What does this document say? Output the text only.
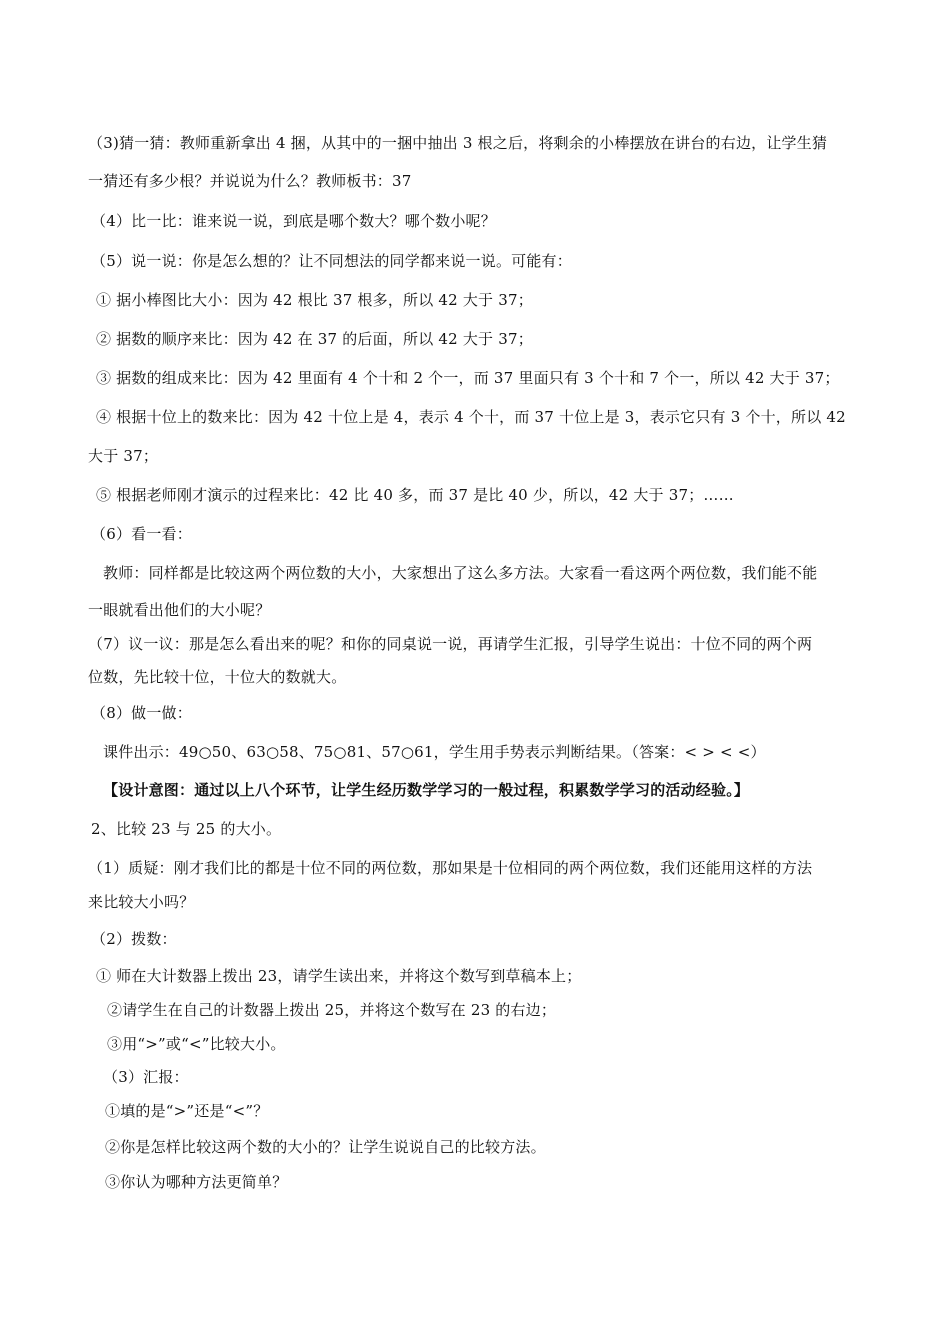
（3)猜一猜：教师重新拿出 4 捆，从其中的一捆中抽出 3 根之后，将剩余的小棒摆放在讲台的右边，让学生猜
一猜还有多少根？并说说为什么？教师板书：37
（4）比一比：谁来说一说，到底是哪个数大？哪个数小呢？
（5）说一说：你是怎么想的？让不同想法的同学都来说一说。可能有：
① 据小棒图比大小：因为 42 根比 37 根多，所以 42 大于 37；
② 据数的顺序来比：因为 42 在 37 的后面，所以 42 大于 37；
③ 据数的组成来比：因为 42 里面有 4 个十和 2 个一，而 37 里面只有 3 个十和 7 个一，所以 42 大于 37；
④ 根据十位上的数来比：因为 42 十位上是 4，表示 4 个十，而 37 十位上是 3，表示它只有 3 个十，所以 42
大于 37；
⑤ 根据老师刚才演示的过程来比：42 比 40 多，而 37 是比 40 少，所以，42 大于 37；……
（6）看一看：
教师：同样都是比较这两个两位数的大小，大家想出了这么多方法。大家看一看这两个两位数，我们能不能
一眼就看出他们的大小呢？
（7）议一议：那是怎么看出来的呢？和你的同桌说一说，再请学生汇报，引导学生说出：十位不同的两个两
位数，先比较十位，十位大的数就大。
（8）做一做：
课件出示：49○50、63○58、75○81、57○61，学生用手势表示判断结果。（答案：< > < <）
【设计意图：通过以上八个环节，让学生经历数学学习的一般过程，积累数学学习的活动经验。】
2、比较 23 与 25 的大小。
（1）质疑：刚才我们比的都是十位不同的两位数，那如果是十位相同的两个两位数，我们还能用这样的方法
来比较大小吗？
（2）拨数：
① 师在大计数器上拨出 23，请学生读出来，并将这个数写到草稿本上；
②请学生在自己的计数器上拨出 25，并将这个数写在 23 的右边；
③用“>”或“<”比较大小。
（3）汇报：
①填的是“>”还是“<”？
②你是怎样比较这两个数的大小的？让学生说说自己的比较方法。
③你认为哪种方法更简单？
